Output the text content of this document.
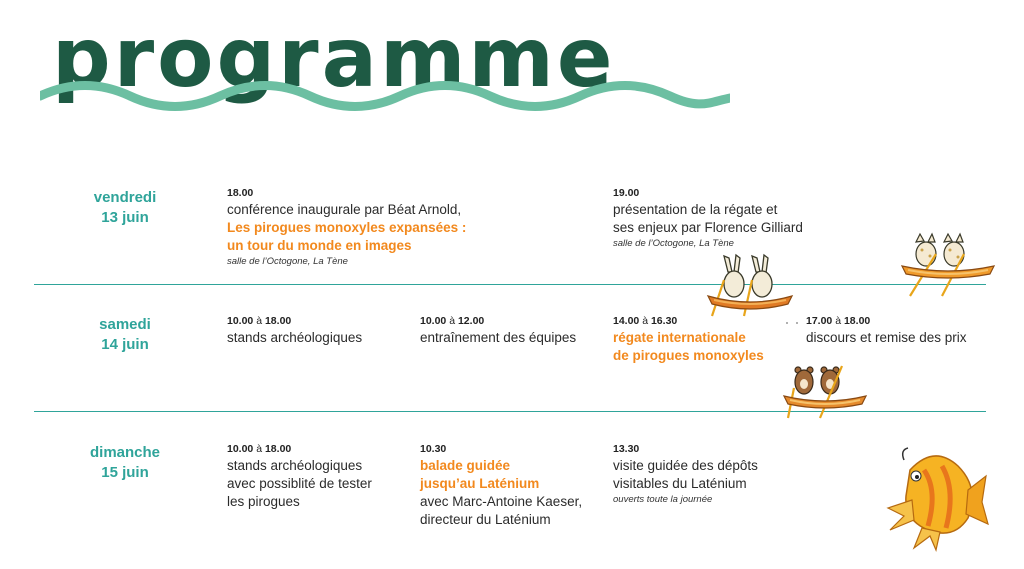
programme
vendredi
13 juin
18.00
conférence inaugurale par Béat Arnold,
Les pirogues monoxyles expansées :
un tour du monde en images
salle de l’Octogone, La Tène
19.00
présentation de la régate et
ses enjeux par Florence Gilliard
salle de l’Octogone, La Tène
samedi
14 juin
10.00 à 18.00
stands archéologiques
10.00 à 12.00
entraînement des équipes
14.00 à 16.30
régate internationale
de pirogues monoxyles
17.00 à 18.00
discours et remise des prix
dimanche
15 juin
10.00 à 18.00
stands archéologiques
avec possiblité de tester
les pirogues
10.30
balade guidée
jusqu’au Laténium
avec Marc-Antoine Kaeser,
directeur du Laténium
13.30
visite guidée des dépôts
visitables du Laténium
ouverts toute la journée
